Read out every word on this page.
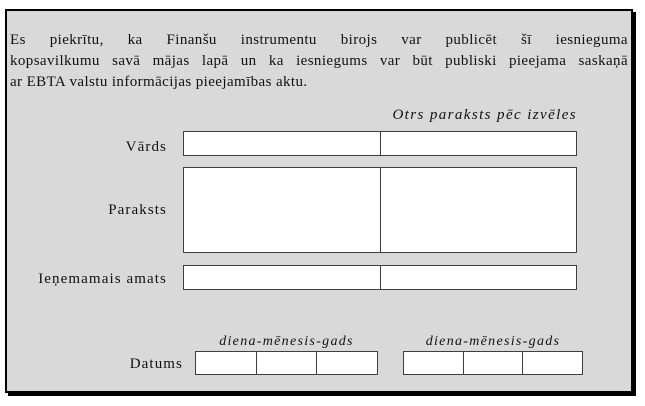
Es piekrītu, ka Finanšu instrumentu birojs var publicēt šī iesnieguma
kopsavilkumu savā mājas lapā un ka iesniegums var būt publiski pieejama saskaņā
ar EBTA valstu informācijas pieejamības aktu.
Otrs paraksts pēc izvēles
Vārds
Paraksts
Ieņemamais amats
diena-mēnesis-gads	diena-mēnesis-gads
Datums
